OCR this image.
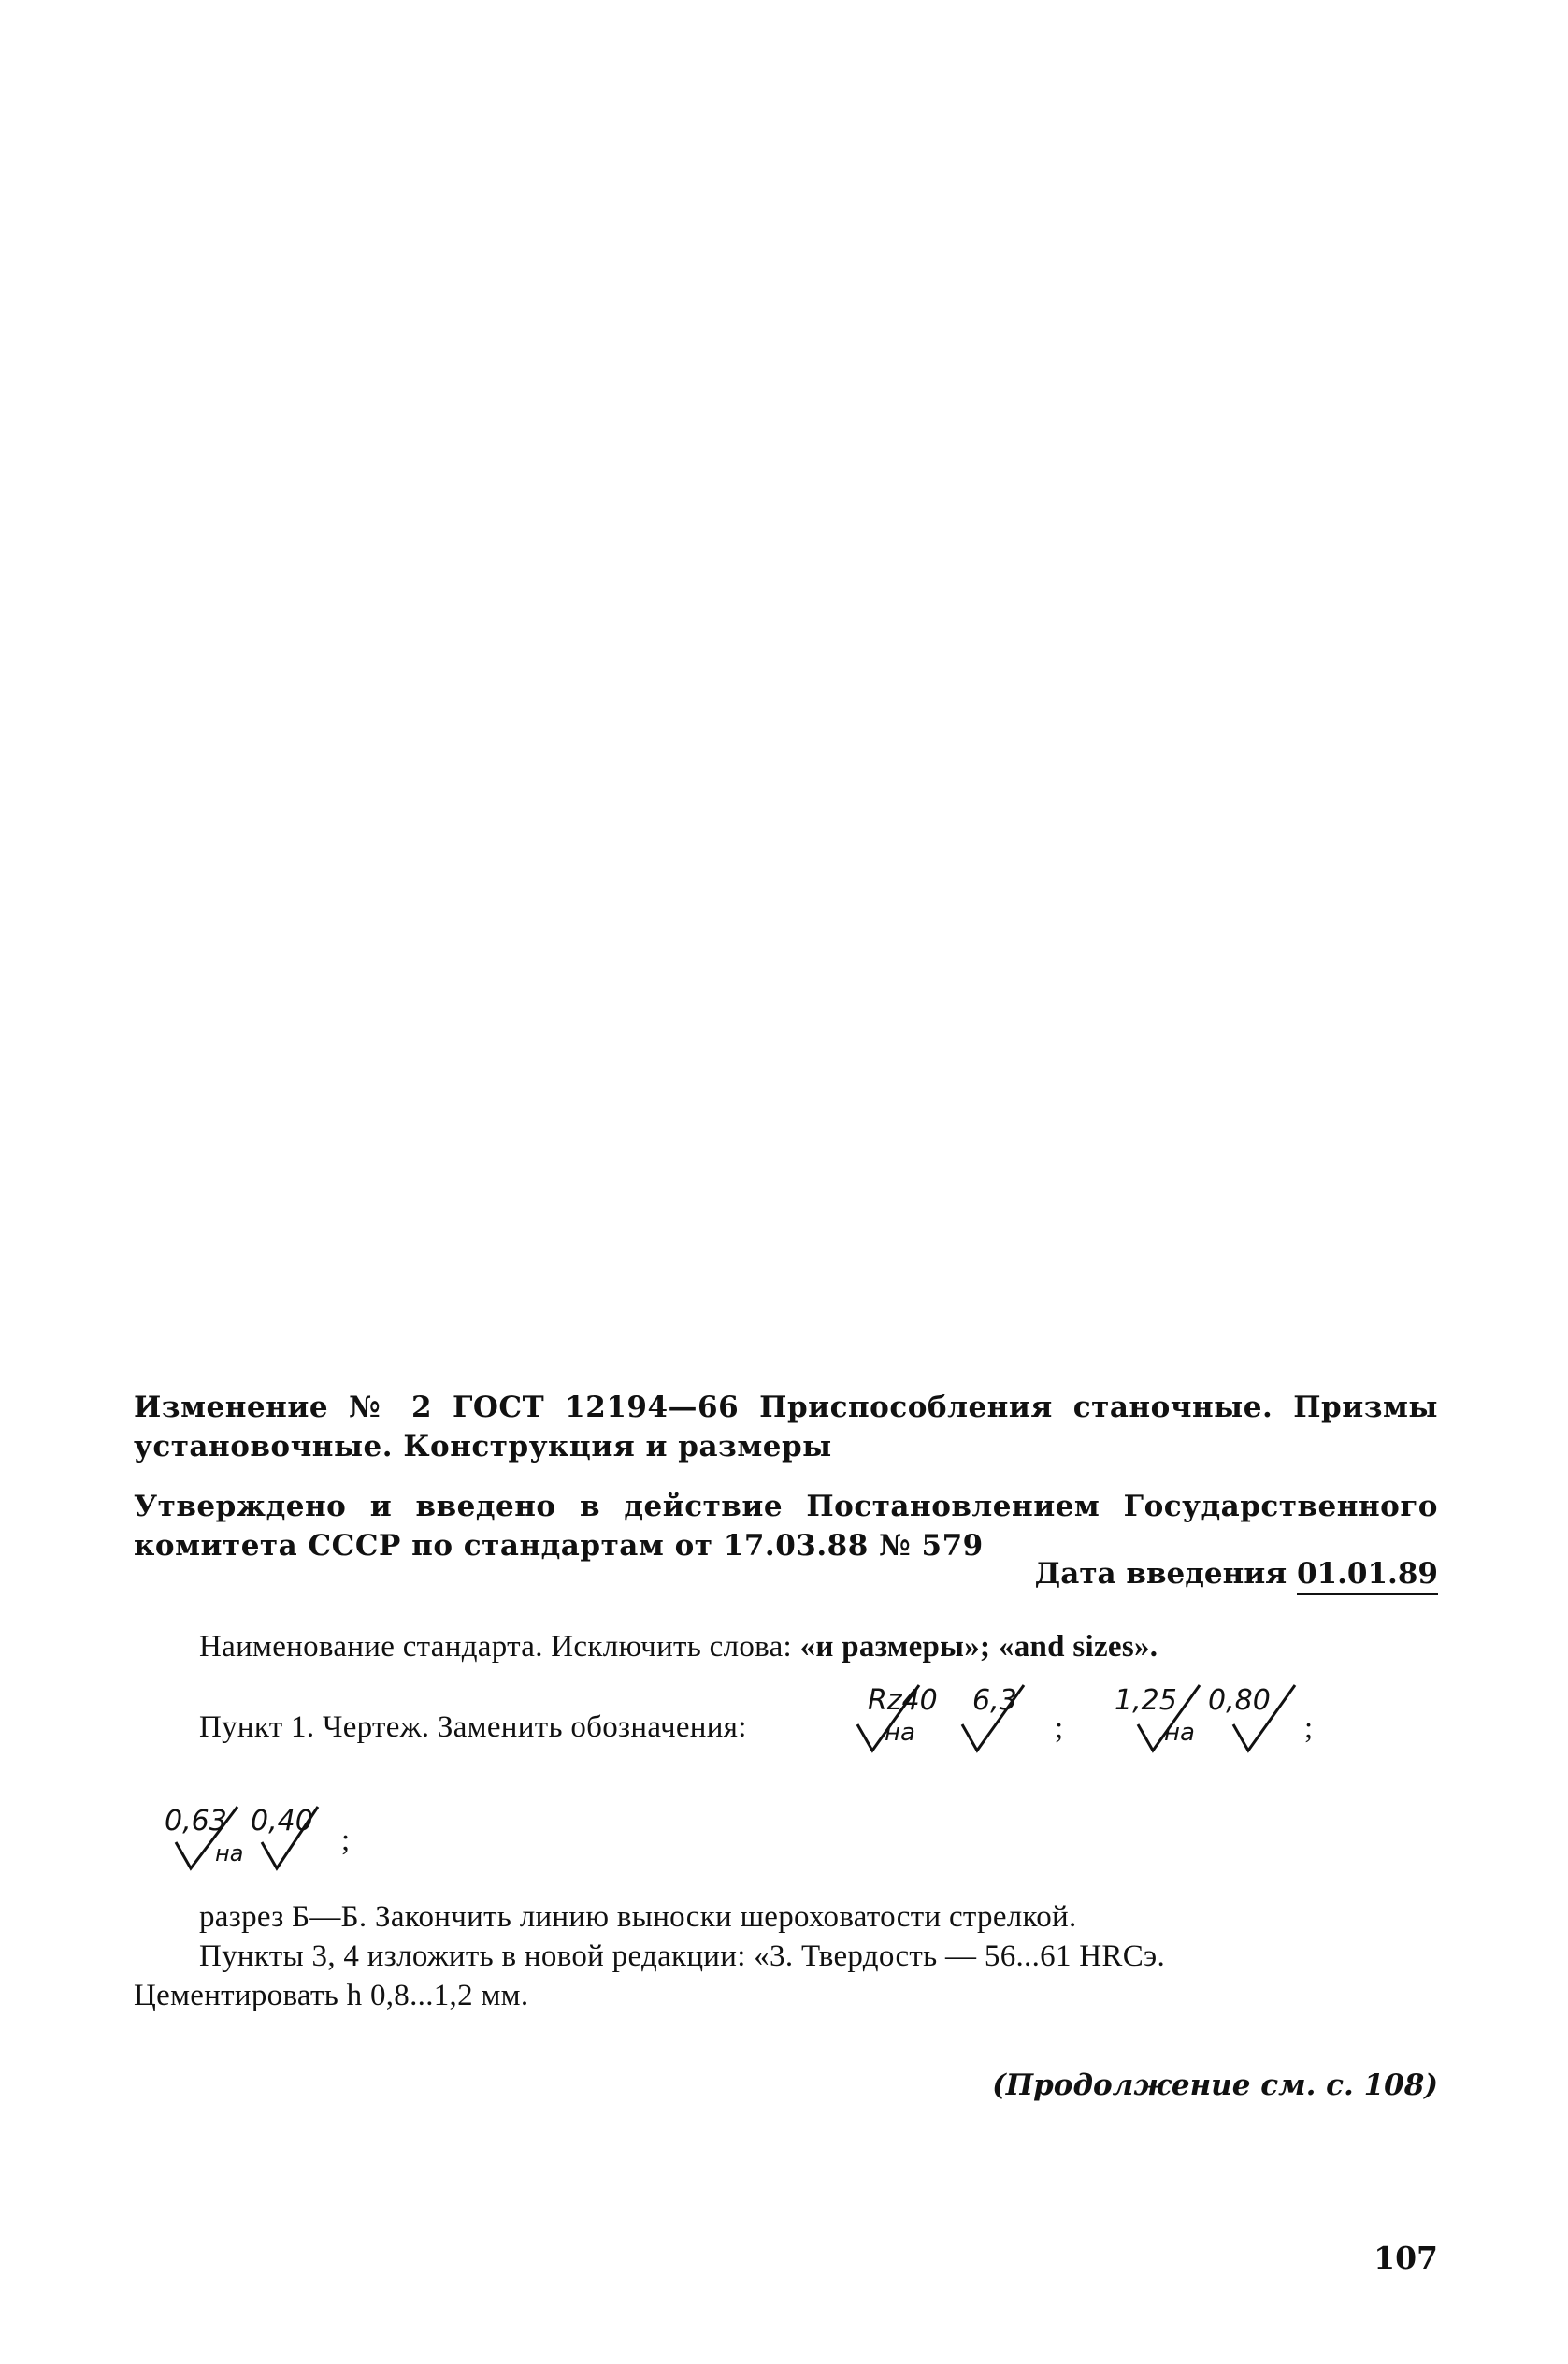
Изменение № 2 ГОСТ 12194—66 Приспособления станочные. Призмы установочные. Конструкция и размеры
Утверждено и введено в действие Постановлением Государственного комитета СССР по стандартам от 17.03.88 № 579
Дата введения 01.01.89
Наименование стандарта. Исключить слова: «и размеры»; «and sizes».
Пункт 1. Чертеж. Заменить обозначения:
Rz40 6,3
на	;
1,25 0,80
на	;
0,63 0,40
на	;
разрез Б—Б. Закончить линию выноски шероховатости стрелкой.
Пункты 3, 4 изложить в новой редакции: «3. Твердость — 56...61 HRCэ.
Цементировать h 0,8...1,2 мм.
(Продолжение см. с. 108)
107
